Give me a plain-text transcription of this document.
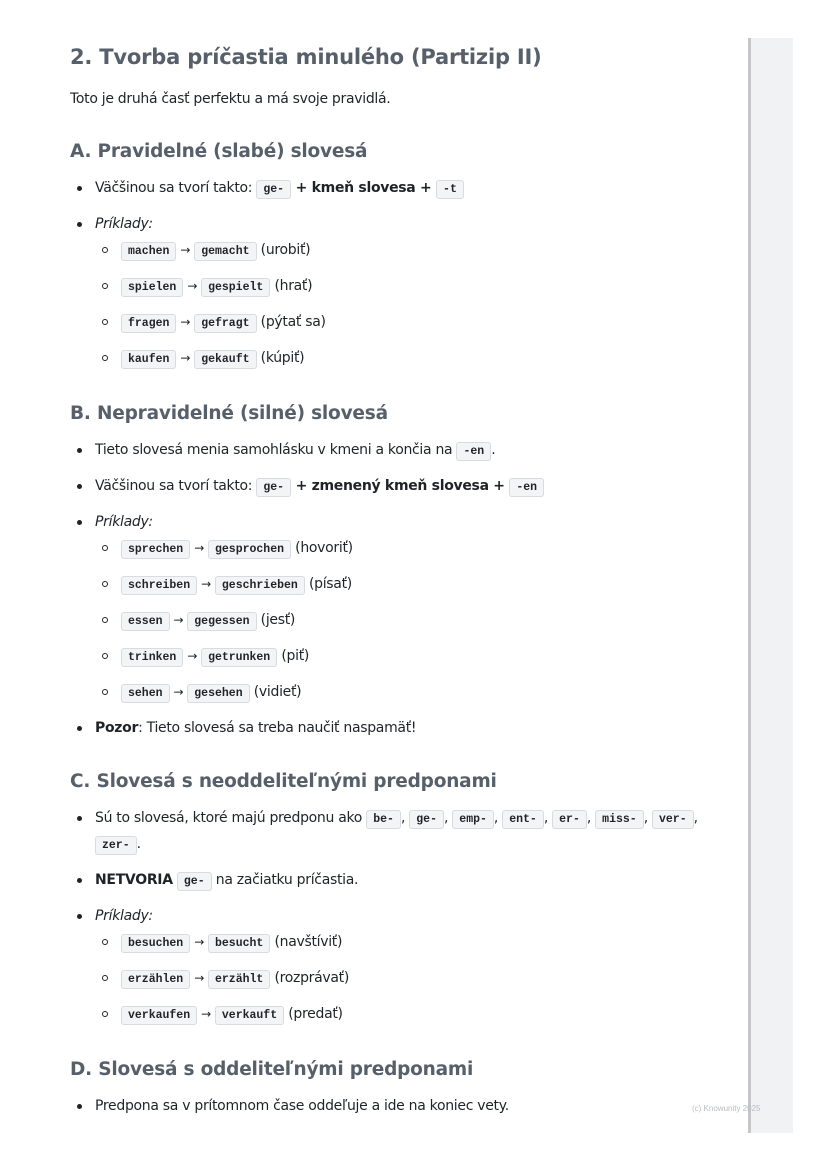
2. Tvorba príčastia minulého (Partizip II)

Toto je druhá časť perfektu a má svoje pravidlá.

A. Pravidelné (slabé) slovesá
Väčšinou sa tvorí takto: ge- + kmeň slovesa + -t
Príklady:
machen → gemacht (urobiť)
spielen → gespielt (hrať)
fragen → gefragt (pýtať sa)
kaufen → gekauft (kúpiť)
B. Nepravidelné (silné) slovesá
Tieto slovesá menia samohlásku v kmeni a končia na -en .
Väčšinou sa tvorí takto: ge- + zmenený kmeň slovesa + -en
Príklady:
sprechen → gesprochen (hovoriť)
schreiben → geschrieben (písať)
essen → gegessen (jesť)
trinken → getrunken (piť)
sehen → gesehen (vidieť)
Pozor: Tieto slovesá sa treba naučiť naspamäť!
C. Slovesá s neoddeliteľnými predponami
Sú to slovesá, ktoré majú predponu ako be- , ge- , emp- , ent- , er- , miss- , ver- , zer- .
NETVORIA ge- na začiatku príčastia.
Príklady:
besuchen → besucht (navštíviť)
erzählen → erzählt (rozprávať)
verkaufen → verkauft (predať)
D. Slovesá s oddeliteľnými predponami
Predpona sa v prítomnom čase oddeľuje a ide na koniec vety.	(c) Knowunity 2025
